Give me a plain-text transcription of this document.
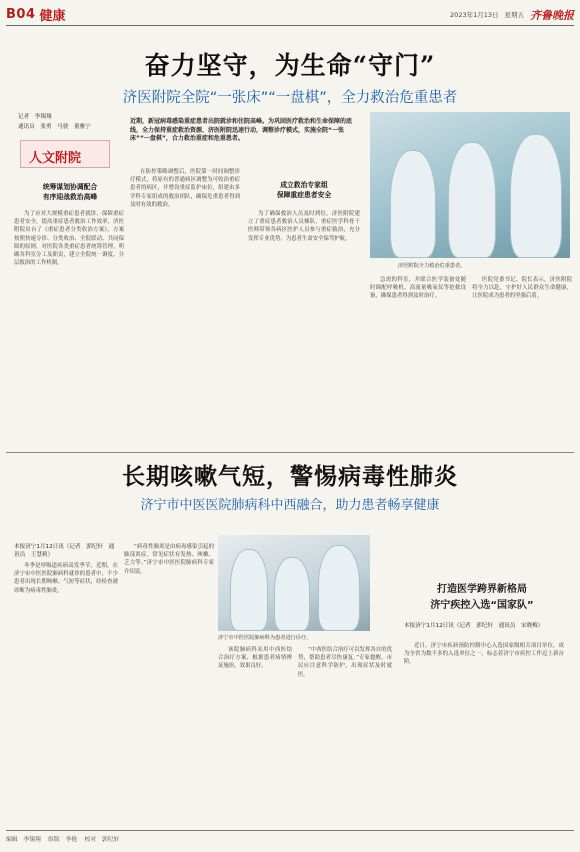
B04 健康	2023年1月13日 星期五 齐鲁晚报
奋力坚守，为生命“守门”
济医附院全院“一张床”“一盘棋”，全力救治危重患者
记者　李锡翔
通讯员　张勇　马骁　董雅宁
人文附院
近期，新冠病毒感染重症患者出院就诊和住院高峰。为巩固医疗救治和生命保障的底线，全力保持重症救治资源，济医附院迅速行动，调整诊疗模式，实施全院“一张床”“一盘棋”，合力救治重症和危重患者。
统筹谋划协调配合
有序迎战救治高峰

为了应对大规模重症患者就诊、保障重症患者安全，提高重症患者救治工作效率，济医附院出台了《重症患者分类收治方案》，方案按照快速分诊、分类收治、全院联动、共同保障的原则，对医院各类重症患者统筹管理，明确各科室分工及职责，建立全院统一调度、分层救治的工作机制。

在防控策略调整后，医院第一时间调整诊疗模式，将原有的普通病区调整为可收治重症患者的病区，并增设重症监护床位，组建由多学科专家组成的救治团队，确保危重患者得到及时有效的救治。

成立救治专家组
保障重症患者安全

为了确保救治人员及时到位，济医附院建立了重症患者救治人员梯队，重症医学科骨干医师带领各病区医护人员参与重症救治，充分发挥专业优势，为患者生命安全保驾护航。

济医附院全力救治危重患者。

急需的科室，并联合医学装备处随时调配呼吸机、高流量吸氧仪等抢救设备，确保患者得到及时治疗。

医院党委书记、院长表示，济医附院将全力以赴，守护好人民群众生命健康，让医院成为患者的坚强后盾。

长期咳嗽气短，警惕病毒性肺炎
济宁市中医医院肺病科中西融合，助力患者畅享健康
本报济宁1月12日讯（记者　郭纪轩　通讯员　王慧莉）

冬季是呼吸道疾病高发季节，近期，在济宁市中医医院肺病科就诊的患者中，不少患者出现长期咳嗽、气短等症状，经检查被诊断为病毒性肺炎。

“病毒性肺炎是由病毒感染引起的肺部炎症，常见症状有发热、咳嗽、乏力等。”济宁市中医医院肺病科专家介绍说。

济宁市中医医院肺病科为患者进行诊疗。

该院肺病科采用中西医结合治疗方案，根据患者病情辨证施治，效果良好。

“中西医结合治疗可以发挥各自的优势，帮助患者尽快康复。”专家提醒，市民应注意科学防护，出现症状及时就医。

打造医学跨界新格局
济宁疾控入选“国家队”
本报济宁1月12日讯（记者　郭纪轩　通讯员　宋晓梅）

近日，济宁市疾病预防控制中心入选国家级相关项目单位，成为全省为数不多的入选单位之一，标志着济宁市疾控工作迈上新台阶。

编辑　李锡翔 组版　李艳 校对　郭纪轩
